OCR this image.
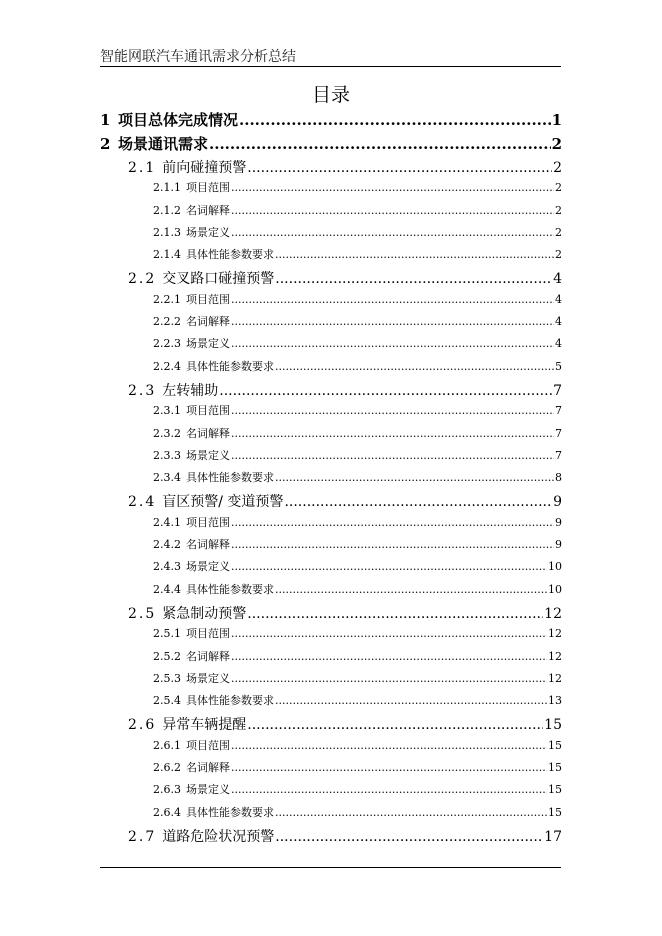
智能网联汽车通讯需求分析总结
目录
1 项目总体完成情况 .....	1
2 场景通讯需求 .....	2
2.1 前向碰撞预警 .....	2
2.1.1 项目范围 .....	2
2.1.2 名词解释 .....	2
2.1.3 场景定义 .....	2
2.1.4 具体性能参数要求 .....	2
2.2 交叉路口碰撞预警 .....	4
2.2.1 项目范围 .....	4
2.2.2 名词解释 .....	4
2.2.3 场景定义 .....	4
2.2.4 具体性能参数要求 .....	5
2.3 左转辅助 .....	7
2.3.1 项目范围 .....	7
2.3.2 名词解释 .....	7
2.3.3 场景定义 .....	7
2.3.4 具体性能参数要求 .....	8
2.4 盲区预警/ 变道预警 .....	9
2.4.1 项目范围 .....	9
2.4.2 名词解释 .....	9
2.4.3 场景定义 .....	10
2.4.4 具体性能参数要求 .....	10
2.5 紧急制动预警 .....	12
2.5.1 项目范围 .....	12
2.5.2 名词解释 .....	12
2.5.3 场景定义 .....	12
2.5.4 具体性能参数要求 .....	13
2.6 异常车辆提醒 .....	15
2.6.1 项目范围 .....	15
2.6.2 名词解释 .....	15
2.6.3 场景定义 .....	15
2.6.4 具体性能参数要求 .....	15
2.7 道路危险状况预警 .....	17
